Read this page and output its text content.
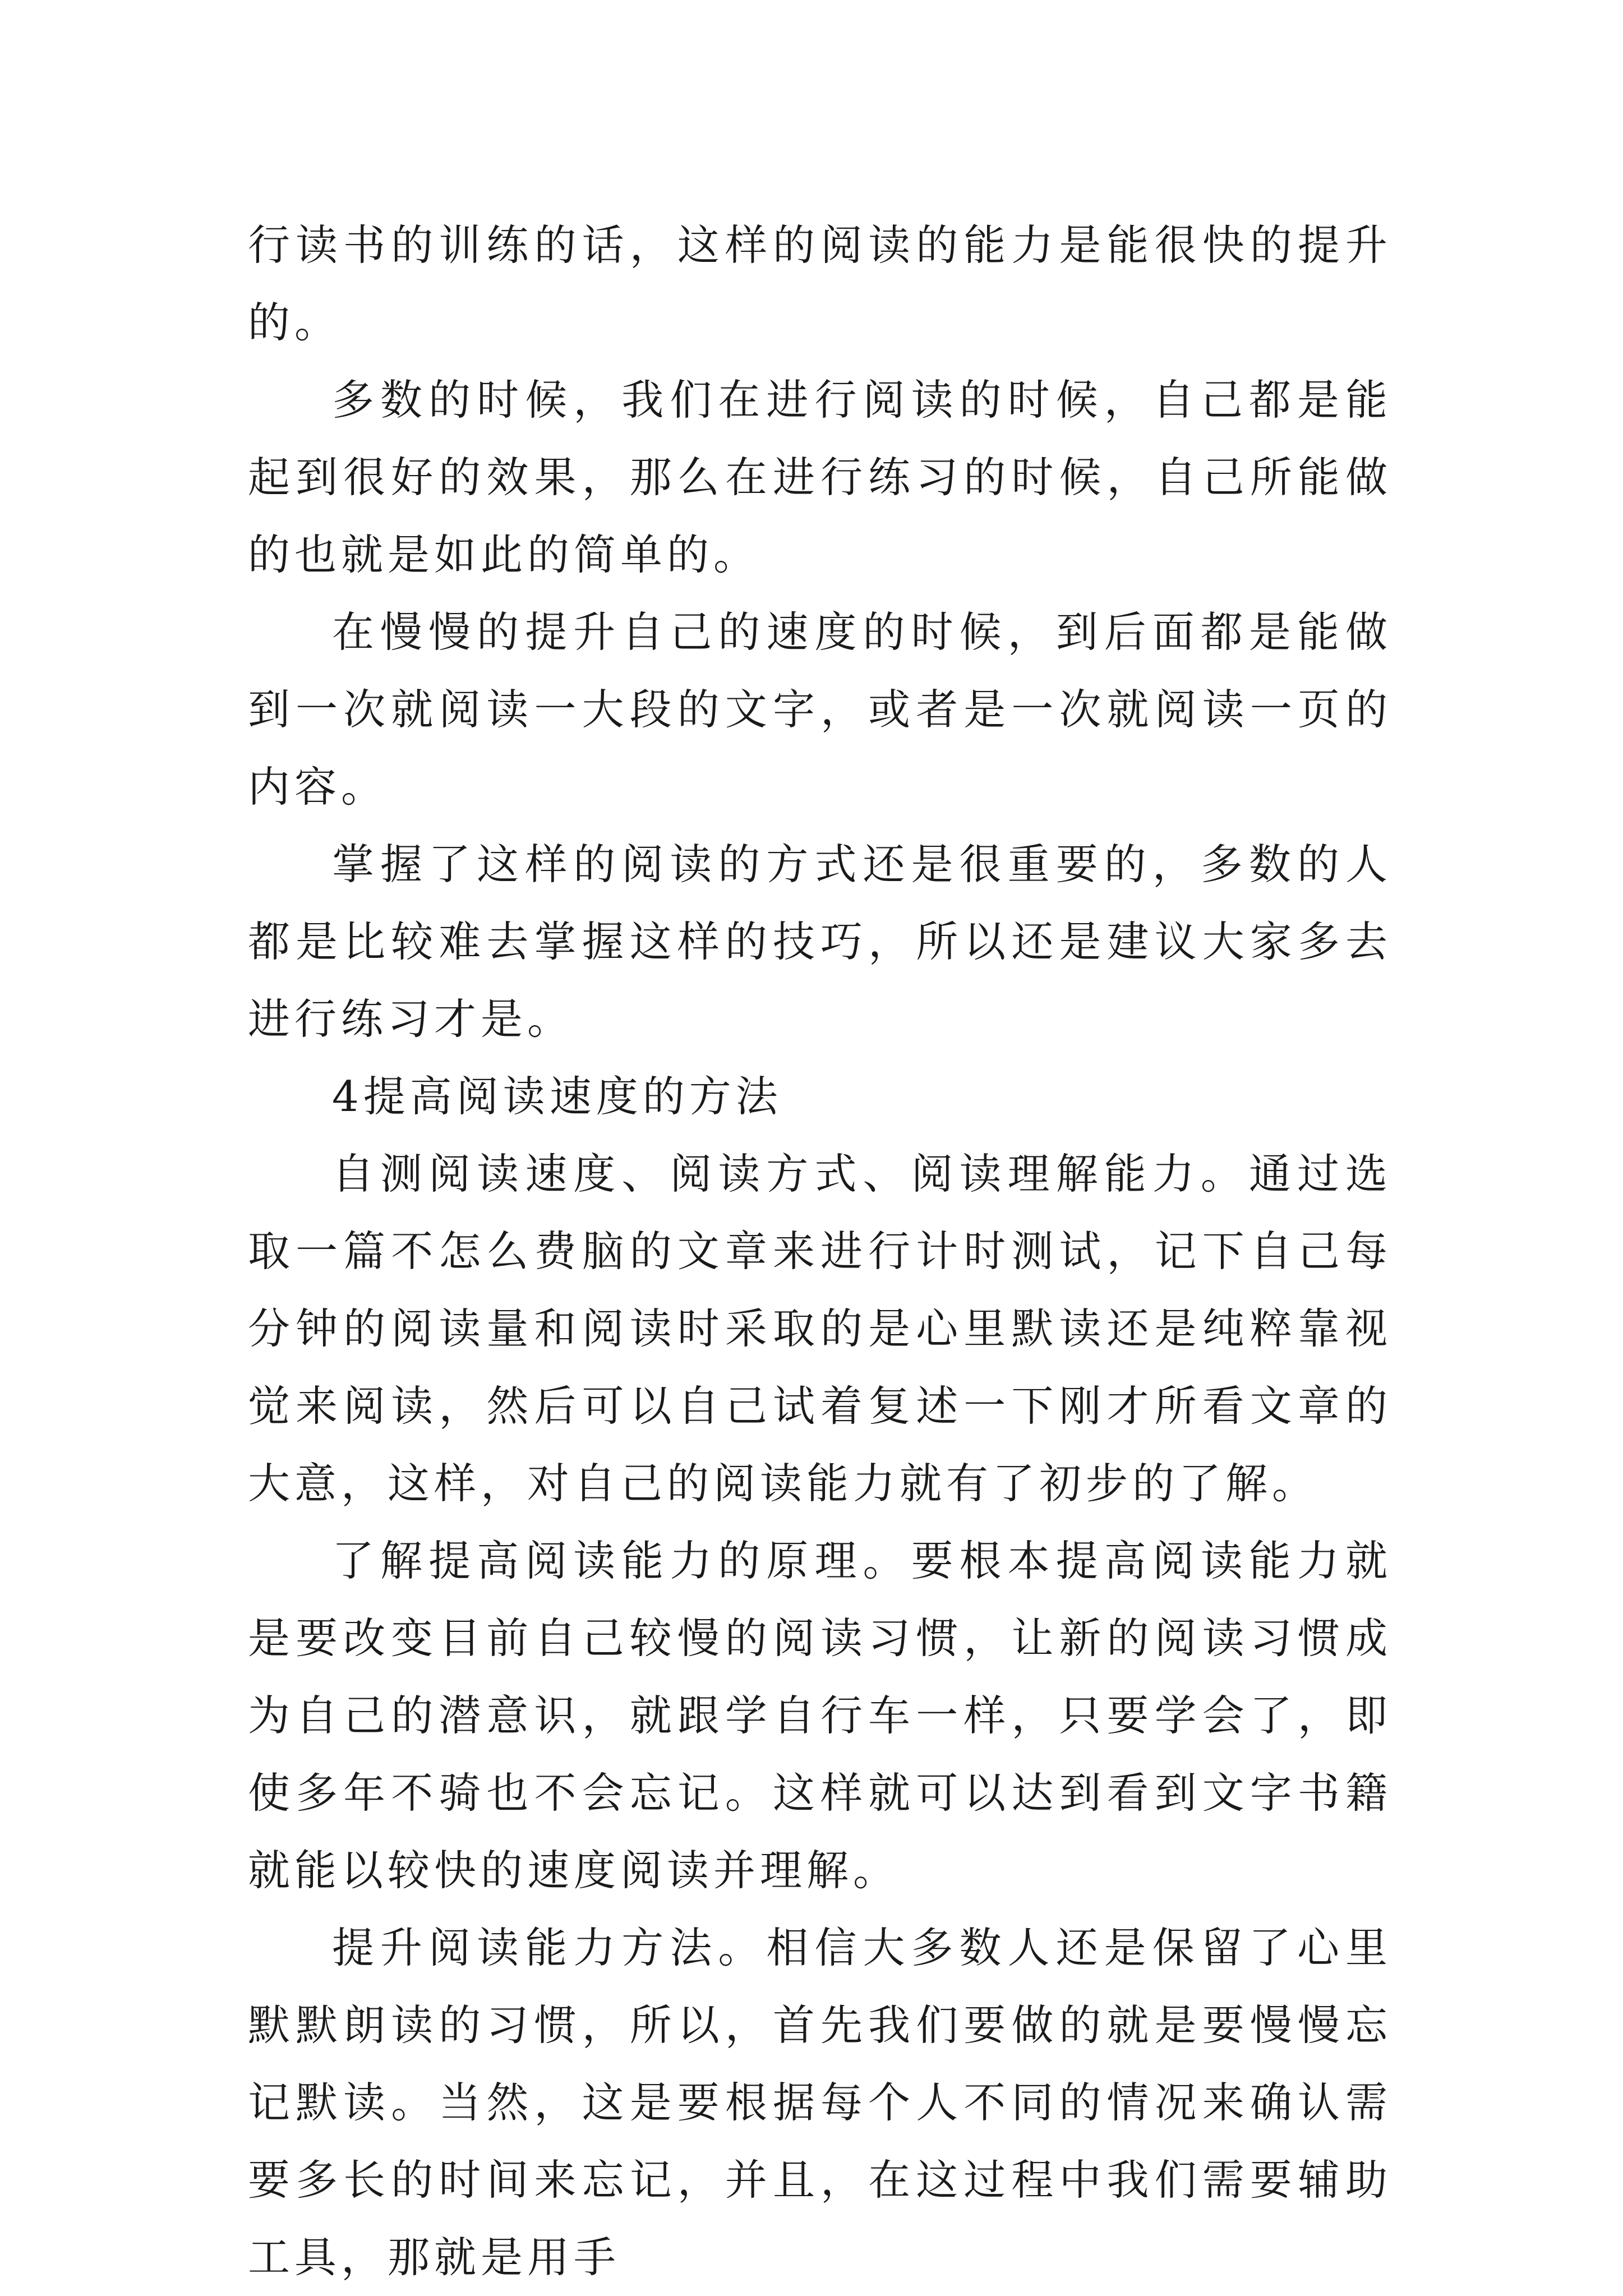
行读书的训练的话，这样的阅读的能力是能很快的提升的。

多数的时候，我们在进行阅读的时候，自己都是能起到很好的效果，那么在进行练习的时候，自己所能做的也就是如此的简单的。

在慢慢的提升自己的速度的时候，到后面都是能做到一次就阅读一大段的文字，或者是一次就阅读一页的内容。

掌握了这样的阅读的方式还是很重要的，多数的人都是比较难去掌握这样的技巧，所以还是建议大家多去进行练习才是。

4提高阅读速度的方法

自测阅读速度、阅读方式、阅读理解能力。通过选取一篇不怎么费脑的文章来进行计时测试，记下自己每分钟的阅读量和阅读时采取的是心里默读还是纯粹靠视觉来阅读，然后可以自己试着复述一下刚才所看文章的大意，这样，对自己的阅读能力就有了初步的了解。

了解提高阅读能力的原理。要根本提高阅读能力就是要改变目前自己较慢的阅读习惯，让新的阅读习惯成为自己的潜意识，就跟学自行车一样，只要学会了，即使多年不骑也不会忘记。这样就可以达到看到文字书籍就能以较快的速度阅读并理解。

提升阅读能力方法。相信大多数人还是保留了心里默默朗读的习惯，所以，首先我们要做的就是要慢慢忘记默读。当然，这是要根据每个人不同的情况来确认需要多长的时间来忘记，并且，在这过程中我们需要辅助工具，那就是用手
